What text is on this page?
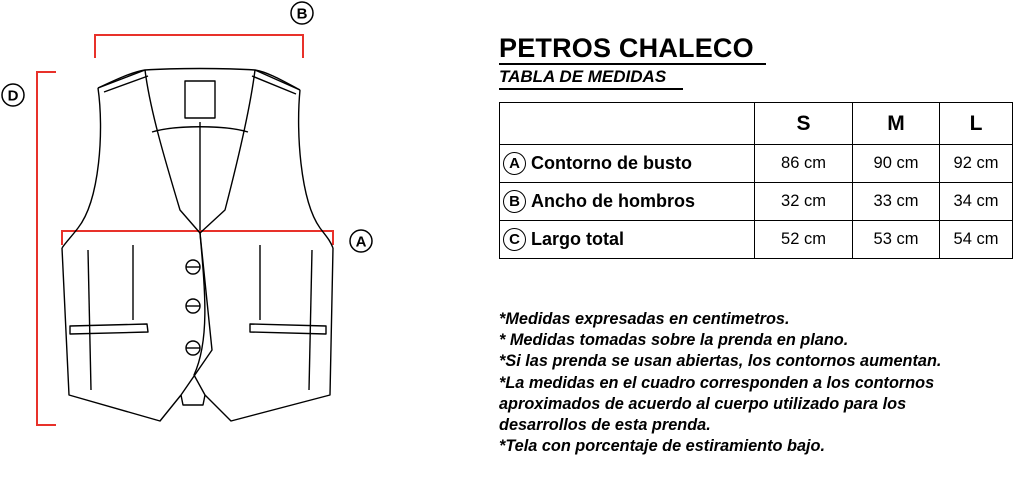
B
D
A
PETROS CHALECO
TABLA DE MEDIDAS
	S	M	L
A Contorno de busto	86 cm	90 cm	92 cm
B Ancho de hombros	32 cm	33 cm	34 cm
C Largo total	52 cm	53 cm	54 cm
*Medidas expresadas en centimetros.
* Medidas tomadas sobre la prenda en plano.
*Si las prenda se usan abiertas, los contornos aumentan.
*La medidas en el cuadro corresponden a los contornos
aproximados de acuerdo al cuerpo utilizado para los
desarrollos de esta prenda.
*Tela con porcentaje de estiramiento bajo.
